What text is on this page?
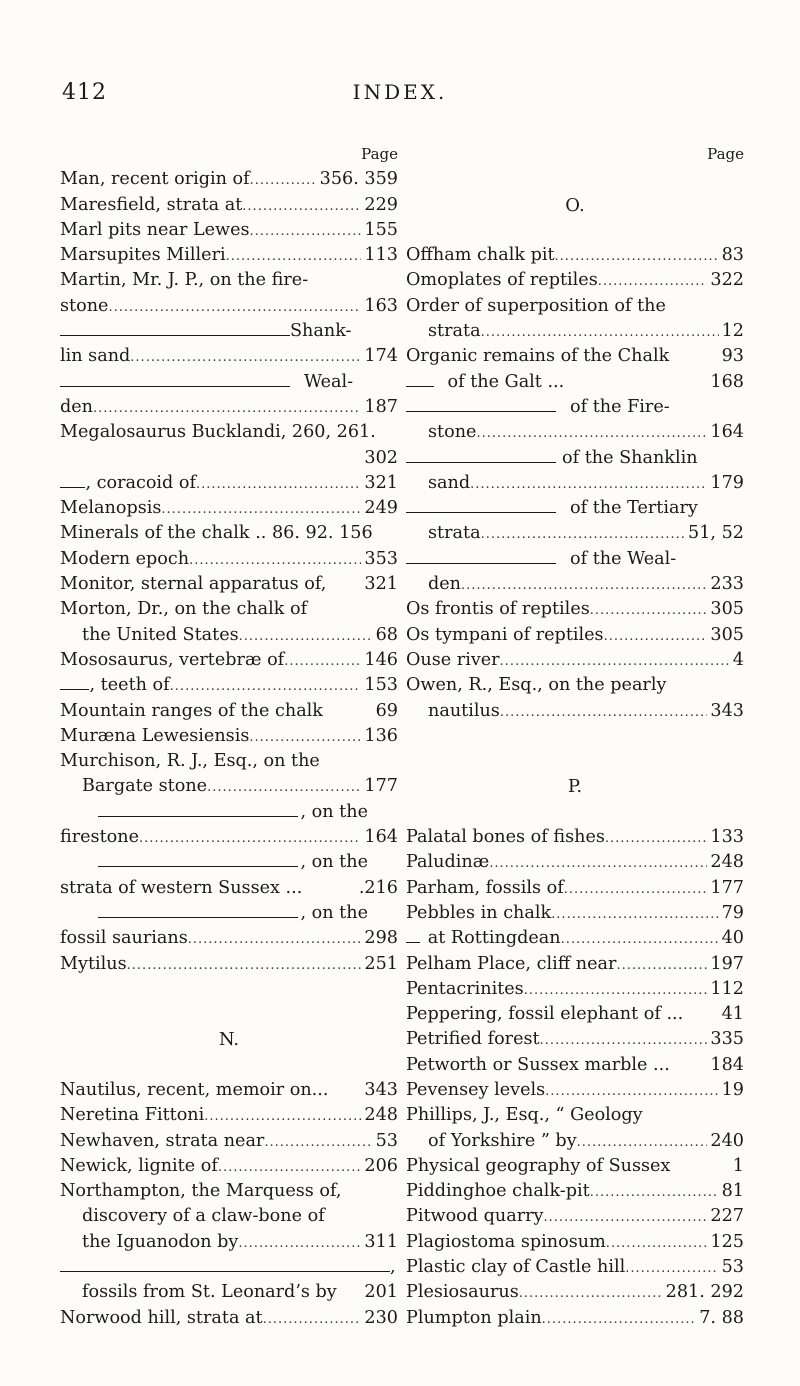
412	INDEX.
Page
Man, recent origin of .....	356. 359
Maresfield, strata at .....	229
Marl pits near Lewes .....	155
Marsupites Milleri .....	113
Martin, Mr. J. P., on the fire-
stone .....	163
Shank-
lin sand .....	174
Weal-
den .....	187
Megalosaurus Bucklandi, 260, 261.
302
, coracoid of .....	321
Melanopsis .....	249
Minerals of the chalk .. 86. 92. 156
Modern epoch .....	353
Monitor, sternal apparatus of, 321
Morton, Dr., on the chalk of
the United States .....	68
Mososaurus, vertebræ of .....	146
, teeth of .....	153
Mountain ranges of the chalk	69
Muræna Lewesiensis .....	136
Murchison, R. J., Esq., on the
Bargate stone .....	177
, on the
firestone .....	164
, on the
strata of western Sussex ...	.216
, on the
fossil saurians .....	298
Mytilus .....	251
N.
Nautilus, recent, memoir on... 343
Neretina Fittoni .....	248
Newhaven, strata near .....	53
Newick, lignite of .....	206
Northampton, the Marquess of,
discovery of a claw-bone of
the Iguanodon by .....	311
,
fossils from St. Leonard’s by 201
Norwood hill, strata at .....	230
Page
O.
Offham chalk pit .....	83
Omoplates of reptiles .....	322
Order of superposition of the
strata .....	12
Organic remains of the Chalk	93
of the Galt ...	168
of the Fire-
stone .....	164
of the Shanklin
sand .....	179
of the Tertiary
strata .....	51, 52
of the Weal-
den .....	233
Os frontis of reptiles .....	305
Os tympani of reptiles .....	305
Ouse river .....	4
Owen, R., Esq., on the pearly
nautilus .....	343
P.
Palatal bones of fishes .....	133
Paludinæ .....	248
Parham, fossils of .....	177
Pebbles in chalk .....	79
at Rottingdean .....	40
Pelham Place, cliff near .....	197
Pentacrinites .....	112
Peppering, fossil elephant of ... 41
Petrified forest .....	335
Petworth or Sussex marble ... 184
Pevensey levels .....	19
Phillips, J., Esq., “ Geology
of Yorkshire ” by .....	240
Physical geography of Sussex	1
Piddinghoe chalk-pit .....	81
Pitwood quarry .....	227
Plagiostoma spinosum .....	125
Plastic clay of Castle hill .....	53
Plesiosaurus .....	281. 292
Plumpton plain .....	7. 88
